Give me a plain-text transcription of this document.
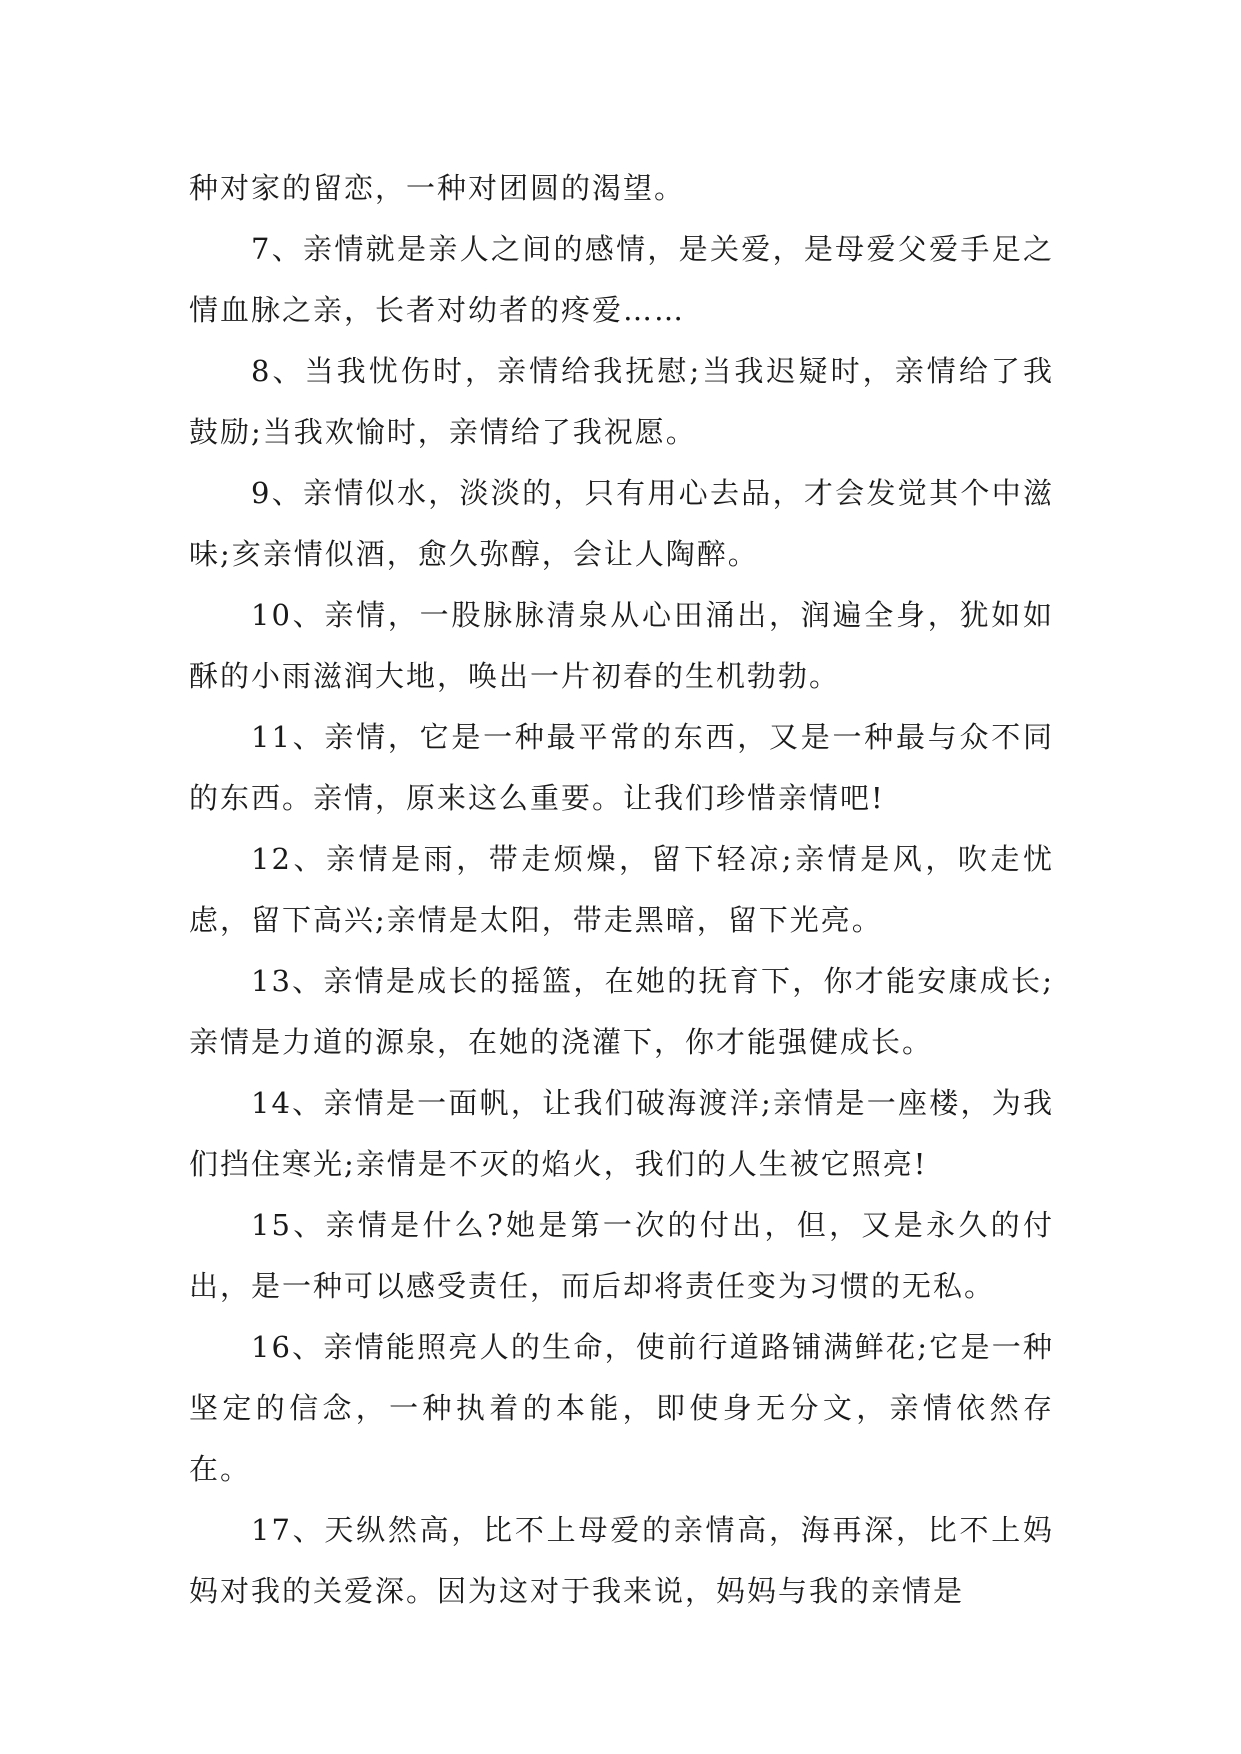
种对家的留恋，一种对团圆的渴望。

7、亲情就是亲人之间的感情，是关爱，是母爱父爱手足之情血脉之亲，长者对幼者的疼爱……

8、当我忧伤时，亲情给我抚慰;当我迟疑时，亲情给了我鼓励;当我欢愉时，亲情给了我祝愿。

9、亲情似水，淡淡的，只有用心去品，才会发觉其个中滋味;亥亲情似酒，愈久弥醇，会让人陶醉。

10、亲情，一股脉脉清泉从心田涌出，润遍全身，犹如如酥的小雨滋润大地，唤出一片初春的生机勃勃。

11、亲情，它是一种最平常的东西，又是一种最与众不同的东西。亲情，原来这么重要。让我们珍惜亲情吧!

12、亲情是雨，带走烦燥，留下轻凉;亲情是风，吹走忧虑，留下高兴;亲情是太阳，带走黑暗，留下光亮。

13、亲情是成长的摇篮，在她的抚育下，你才能安康成长;亲情是力道的源泉，在她的浇灌下，你才能强健成长。

14、亲情是一面帆，让我们破海渡洋;亲情是一座楼，为我们挡住寒光;亲情是不灭的焰火，我们的人生被它照亮!

15、亲情是什么?她是第一次的付出，但，又是永久的付出，是一种可以感受责任，而后却将责任变为习惯的无私。

16、亲情能照亮人的生命，使前行道路铺满鲜花;它是一种坚定的信念，一种执着的本能，即使身无分文，亲情依然存在。

17、天纵然高，比不上母爱的亲情高，海再深，比不上妈妈对我的关爱深。因为这对于我来说，妈妈与我的亲情是
